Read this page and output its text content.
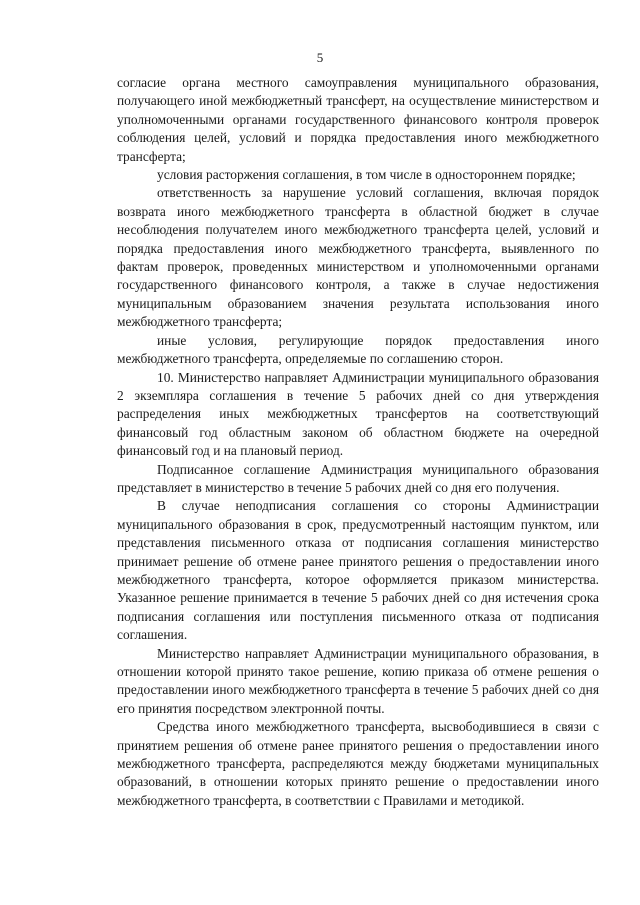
5

согласие органа местного самоуправления муниципального образования, получающего иной межбюджетный трансферт, на осуществление министерством и уполномоченными органами государственного финансового контроля проверок соблюдения целей, условий и порядка предоставления иного межбюджетного трансферта;

условия расторжения соглашения, в том числе в одностороннем порядке;

ответственность за нарушение условий соглашения, включая порядок возврата иного межбюджетного трансферта в областной бюджет в случае несоблюдения получателем иного межбюджетного трансферта целей, условий и порядка предоставления иного межбюджетного трансферта, выявленного по фактам проверок, проведенных министерством и уполномоченными органами государственного финансового контроля, а также в случае недостижения муниципальным образованием значения результата использования иного межбюджетного трансферта;

иные условия, регулирующие порядок предоставления иного межбюджетного трансферта, определяемые по соглашению сторон.

10. Министерство направляет Администрации муниципального образования 2 экземпляра соглашения в течение 5 рабочих дней со дня утверждения распределения иных межбюджетных трансфертов на соответствующий финансовый год областным законом об областном бюджете на очередной финансовый год и на плановый период.

Подписанное соглашение Администрация муниципального образования представляет в министерство в течение 5 рабочих дней со дня его получения.

В случае неподписания соглашения со стороны Администрации муниципального образования в срок, предусмотренный настоящим пунктом, или представления письменного отказа от подписания соглашения министерство принимает решение об отмене ранее принятого решения о предоставлении иного межбюджетного трансферта, которое оформляется приказом министерства. Указанное решение принимается в течение 5 рабочих дней со дня истечения срока подписания соглашения или поступления письменного отказа от подписания соглашения.

Министерство направляет Администрации муниципального образования, в отношении которой принято такое решение, копию приказа об отмене решения о предоставлении иного межбюджетного трансферта в течение 5 рабочих дней со дня его принятия посредством электронной почты.

Средства иного межбюджетного трансферта, высвободившиеся в связи с принятием решения об отмене ранее принятого решения о предоставлении иного межбюджетного трансферта, распределяются между бюджетами муниципальных образований, в отношении которых принято решение о предоставлении иного межбюджетного трансферта, в соответствии с Правилами и методикой.
